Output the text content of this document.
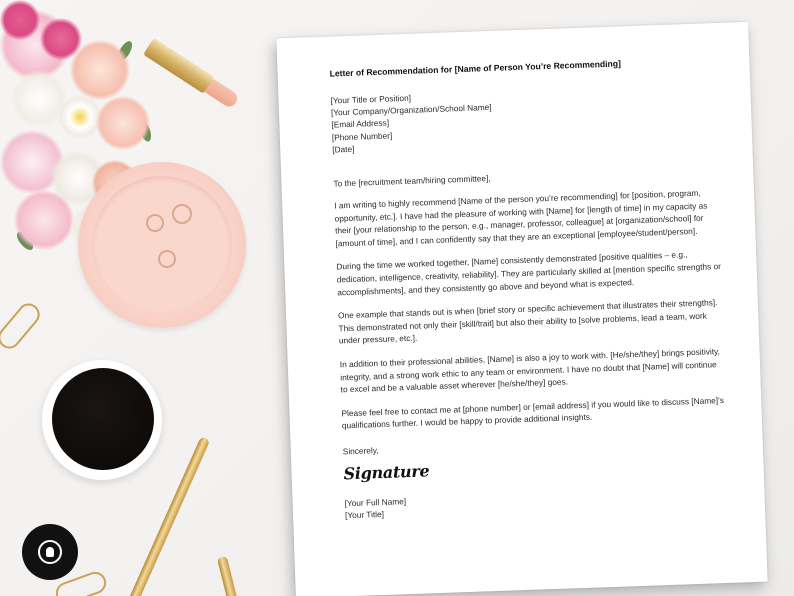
Letter of Recommendation for [Name of Person You’re Recommending]
[Your Title or Position]
[Your Company/Organization/School Name]
[Email Address]
[Phone Number]
[Date]
To the [recruitment team/hiring committee],
I am writing to highly recommend [Name of the person you’re recommending] for [position, program, opportunity, etc.]. I have had the pleasure of working with [Name] for [length of time] in my capacity as their [your relationship to the person, e.g., manager, professor, colleague] at [organization/school] for [amount of time], and I can confidently say that they are an exceptional [employee/student/person].
During the time we worked together, [Name] consistently demonstrated [positive qualities – e.g., dedication, intelligence, creativity, reliability]. They are particularly skilled at [mention specific strengths or accomplishments], and they consistently go above and beyond what is expected.
One example that stands out is when [brief story or specific achievement that illustrates their strengths]. This demonstrated not only their [skill/trait] but also their ability to [solve problems, lead a team, work under pressure, etc.].
In addition to their professional abilities, [Name] is also a joy to work with. [He/she/they] brings positivity, integrity, and a strong work ethic to any team or environment. I have no doubt that [Name] will continue to excel and be a valuable asset wherever [he/she/they] goes.
Please feel free to contact me at [phone number] or [email address] if you would like to discuss [Name]’s qualifications further. I would be happy to provide additional insights.
Sincerely,
Signature
[Your Full Name]
[Your Title]
